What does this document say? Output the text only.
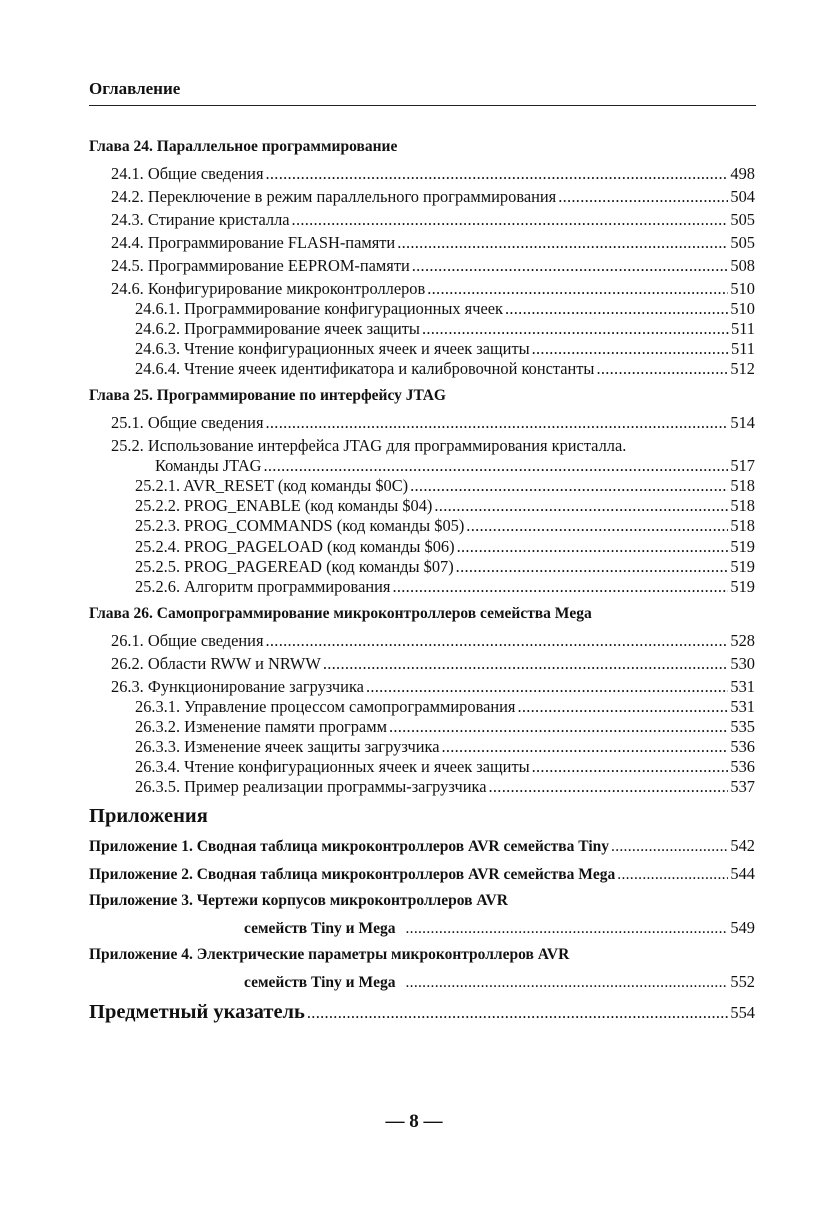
Оглавление
Глава 24. Параллельное программирование
24.1. Общие сведения .....	498
24.2. Переключение в режим параллельного программирования .....	504
24.3. Стирание кристалла .....	505
24.4. Программирование FLASH-памяти .....	505
24.5. Программирование EEPROM-памяти .....	508
24.6. Конфигурирование микроконтроллеров .....	510
24.6.1. Программирование конфигурационных ячеек .....	510
24.6.2. Программирование ячеек защиты .....	511
24.6.3. Чтение конфигурационных ячеек и ячеек защиты .....	511
24.6.4. Чтение ячеек идентификатора и калибровочной константы .....	512
Глава 25. Программирование по интерфейсу JTAG
25.1. Общие сведения .....	514
25.2. Использование интерфейса JTAG для программирования кристалла.
Команды JTAG .....	517
25.2.1. AVR_RESET (код команды $0C) .....	518
25.2.2. PROG_ENABLE (код команды $04) .....	518
25.2.3. PROG_COMMANDS (код команды $05) .....	518
25.2.4. PROG_PAGELOAD (код команды $06) .....	519
25.2.5. PROG_PAGEREAD (код команды $07) .....	519
25.2.6. Алгоритм программирования .....	519
Глава 26. Самопрограммирование микроконтроллеров семейства Mega
26.1. Общие сведения .....	528
26.2. Области RWW и NRWW .....	530
26.3. Функционирование загрузчика .....	531
26.3.1. Управление процессом самопрограммирования .....	531
26.3.2. Изменение памяти программ .....	535
26.3.3. Изменение ячеек защиты загрузчика .....	536
26.3.4. Чтение конфигурационных ячеек и ячеек защиты .....	536
26.3.5. Пример реализации программы-загрузчика .....	537
Приложения
Приложение 1. Сводная таблица микроконтроллеров AVR семейства Tiny .....	542
Приложение 2. Сводная таблица микроконтроллеров AVR семейства Mega .....	544
Приложение 3. Чертежи корпусов микроконтроллеров AVR
семейств Tiny и Mega .....	549
Приложение 4. Электрические параметры микроконтроллеров AVR
семейств Tiny и Mega .....	552
Предметный указатель .....	554
— 8 —
